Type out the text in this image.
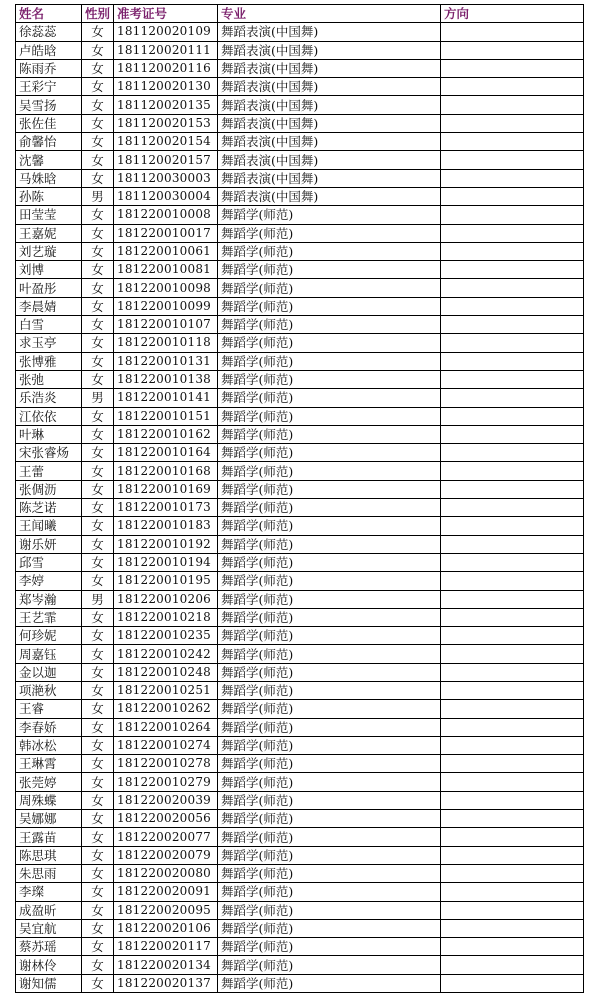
姓名	性别	准考证号	专业	方向
徐蕊蕊	女	181120020109	舞蹈表演(中国舞)	
卢皓晗	女	181120020111	舞蹈表演(中国舞)	
陈雨乔	女	181120020116	舞蹈表演(中国舞)	
王彩宁	女	181120020130	舞蹈表演(中国舞)	
吴雪扬	女	181120020135	舞蹈表演(中国舞)	
张佐佳	女	181120020153	舞蹈表演(中国舞)	
俞馨怡	女	181120020154	舞蹈表演(中国舞)	
沈馨	女	181120020157	舞蹈表演(中国舞)	
马姝晗	女	181120030003	舞蹈表演(中国舞)	
孙陈	男	181120030004	舞蹈表演(中国舞)	
田莹莹	女	181220010008	舞蹈学(师范)	
王嘉妮	女	181220010017	舞蹈学(师范)	
刘艺璇	女	181220010061	舞蹈学(师范)	
刘博	女	181220010081	舞蹈学(师范)	
叶盈彤	女	181220010098	舞蹈学(师范)	
李晨婧	女	181220010099	舞蹈学(师范)	
白雪	女	181220010107	舞蹈学(师范)	
求玉亭	女	181220010118	舞蹈学(师范)	
张博雅	女	181220010131	舞蹈学(师范)	
张弛	女	181220010138	舞蹈学(师范)	
乐浩炎	男	181220010141	舞蹈学(师范)	
江依依	女	181220010151	舞蹈学(师范)	
叶琳	女	181220010162	舞蹈学(师范)	
宋张睿炀	女	181220010164	舞蹈学(师范)	
王蕾	女	181220010168	舞蹈学(师范)	
张倜沥	女	181220010169	舞蹈学(师范)	
陈芝诺	女	181220010173	舞蹈学(师范)	
王闻曦	女	181220010183	舞蹈学(师范)	
谢乐妍	女	181220010192	舞蹈学(师范)	
邱雪	女	181220010194	舞蹈学(师范)	
李婷	女	181220010195	舞蹈学(师范)	
郑岑瀚	男	181220010206	舞蹈学(师范)	
王艺霏	女	181220010218	舞蹈学(师范)	
何珍妮	女	181220010235	舞蹈学(师范)	
周嘉钰	女	181220010242	舞蹈学(师范)	
金以迦	女	181220010248	舞蹈学(师范)	
项滟秋	女	181220010251	舞蹈学(师范)	
王睿	女	181220010262	舞蹈学(师范)	
李春娇	女	181220010264	舞蹈学(师范)	
韩冰松	女	181220010274	舞蹈学(师范)	
王琳霄	女	181220010278	舞蹈学(师范)	
张莞婷	女	181220010279	舞蹈学(师范)	
周殊蝶	女	181220020039	舞蹈学(师范)	
吴娜娜	女	181220020056	舞蹈学(师范)	
王露苗	女	181220020077	舞蹈学(师范)	
陈思琪	女	181220020079	舞蹈学(师范)	
朱思雨	女	181220020080	舞蹈学(师范)	
李璨	女	181220020091	舞蹈学(师范)	
成盈昕	女	181220020095	舞蹈学(师范)	
吴宜航	女	181220020106	舞蹈学(师范)	
蔡苏瑶	女	181220020117	舞蹈学(师范)	
谢林伶	女	181220020134	舞蹈学(师范)	
谢知儒	女	181220020137	舞蹈学(师范)	
